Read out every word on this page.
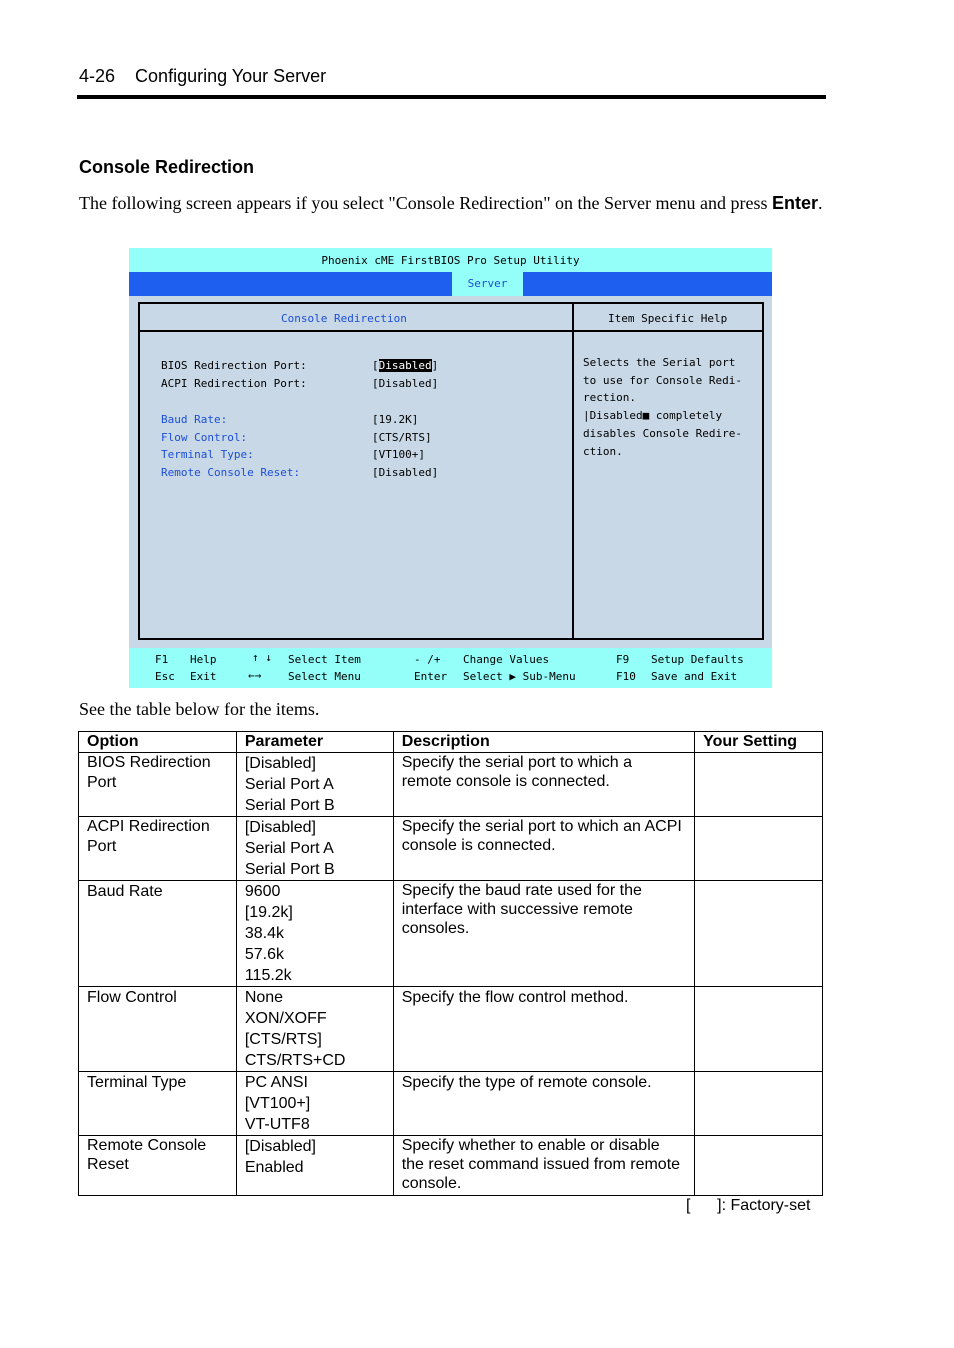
4-26 Configuring Your Server
Console Redirection
The following screen appears if you select "Console Redirection" on the Server menu and press Enter.
Phoenix cME FirstBIOS Pro Setup Utility
Server
Console Redirection	Item Specific Help
BIOS Redirection Port:	[Disabled]
ACPI Redirection Port:	[Disabled]
Baud Rate:	[19.2K]
Flow Control:	[CTS/RTS]
Terminal Type:	[VT100+]
Remote Console Reset:	[Disabled]
Selects the Serial port
to use for Console Redi-
rection.
|Disabled■ completely
disables Console Redire-
ction.
F1 Help	↑ ↓ Select Item	- /+ Change Values	F9 Setup Defaults
Esc Exit	←→ Select Menu	Enter Select ▶ Sub-Menu	F10 Save and Exit
See the table below for the items.
Option	Parameter	Description	Your Setting
BIOS Redirection Port	[Disabled]
Serial Port A
Serial Port B	Specify the serial port to which a remote console is connected.	
ACPI Redirection Port	[Disabled]
Serial Port A
Serial Port B	Specify the serial port to which an ACPI console is connected.	
Baud Rate	9600
[19.2k]
38.4k
57.6k
115.2k	Specify the baud rate used for the interface with successive remote consoles.	
Flow Control	None
XON/XOFF
[CTS/RTS]
CTS/RTS+CD	Specify the flow control method.	
Terminal Type	PC ANSI
[VT100+]
VT-UTF8	Specify the type of remote console.	
Remote Console Reset	[Disabled]
Enabled	Specify whether to enable or disable the reset command issued from remote console.	
[      ]: Factory-set
